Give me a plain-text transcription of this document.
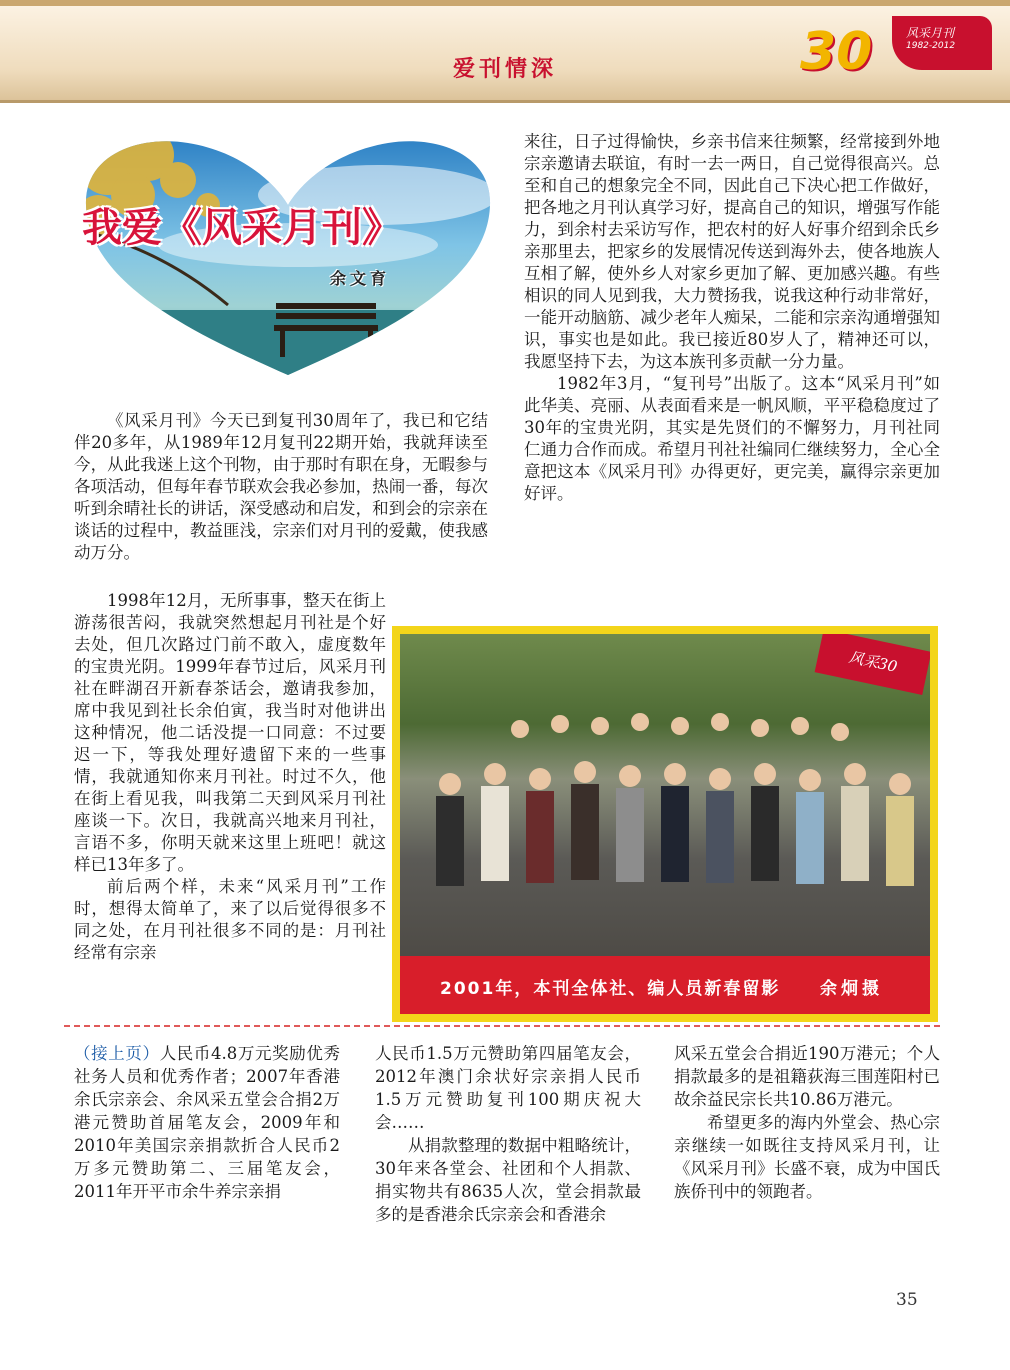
爱刊情深	30	风采月刊
1982-2012
我爱《风采月刊》
余文育

《风采月刊》今天已到复刊30周年了，我已和它结伴20多年，从1989年12月复刊22期开始，我就拜读至今，从此我迷上这个刊物，由于那时有职在身，无暇参与各项活动，但每年春节联欢会我必参加，热闹一番，每次听到余晴社长的讲话，深受感动和启发，和到会的宗亲在谈话的过程中，教益匪浅，宗亲们对月刊的爱戴，使我感动万分。

1998年12月，无所事事，整天在街上游荡很苦闷，我就突然想起月刊社是个好去处，但几次路过门前不敢入，虚度数年的宝贵光阴。1999年春节过后，风采月刊社在畔湖召开新春茶话会，邀请我参加，席中我见到社长余伯寅，我当时对他讲出这种情况，他二话没提一口同意：不过要迟一下，等我处理好遗留下来的一些事情，我就通知你来月刊社。时过不久，他在街上看见我，叫我第二天到风采月刊社座谈一下。次日，我就高兴地来月刊社，言语不多，你明天就来这里上班吧！就这样已13年多了。

前后两个样，未来“风采月刊”工作时，想得太简单了，来了以后觉得很多不同之处，在月刊社很多不同的是：月刊社经常有宗亲

来往，日子过得愉快，乡亲书信来往频繁，经常接到外地宗亲邀请去联谊，有时一去一两日，自己觉得很高兴。总至和自己的想象完全不同，因此自己下决心把工作做好，把各地之月刊认真学习好，提高自己的知识，增强写作能力，到余村去采访写作，把农村的好人好事介绍到余氏乡亲那里去，把家乡的发展情况传送到海外去，使各地族人互相了解，使外乡人对家乡更加了解、更加感兴趣。有些相识的同人见到我，大力赞扬我，说我这种行动非常好，一能开动脑筋、减少老年人痴呆，二能和宗亲沟通增强知识，事实也是如此。我已接近80岁人了，精神还可以，我愿坚持下去，为这本族刊多贡献一分力量。

1982年3月，“复刊号”出版了。这本“风采月刊”如此华美、亮丽、从表面看来是一帆风顺，平平稳稳度过了30年的宝贵光阴，其实是先贤们的不懈努力，月刊社同仁通力合作而成。希望月刊社社编同仁继续努力，全心全意把这本《风采月刊》办得更好，更完美，赢得宗亲更加好评。

风采30
2001年，本刊全体社、编人员新春留影 余炯摄

（接上页）人民币4.8万元奖励优秀社务人员和优秀作者；2007年香港余氏宗亲会、余风采五堂会合捐2万港元赞助首届笔友会，2009年和2010年美国宗亲捐款折合人民币2万多元赞助第二、三届笔友会，2011年开平市余牛养宗亲捐

人民币1.5万元赞助第四届笔友会，2012年澳门余状好宗亲捐人民币1.5万元赞助复刊100期庆祝大会……

从捐款整理的数据中粗略统计，30年来各堂会、社团和个人捐款、捐实物共有8635人次，堂会捐款最多的是香港余氏宗亲会和香港余

风采五堂会合捐近190万港元；个人捐款最多的是祖籍荻海三围莲阳村已故余益民宗长共10.86万港元。

希望更多的海内外堂会、热心宗亲继续一如既往支持风采月刊，让《风采月刊》长盛不衰，成为中国氏族侨刊中的领跑者。

35
